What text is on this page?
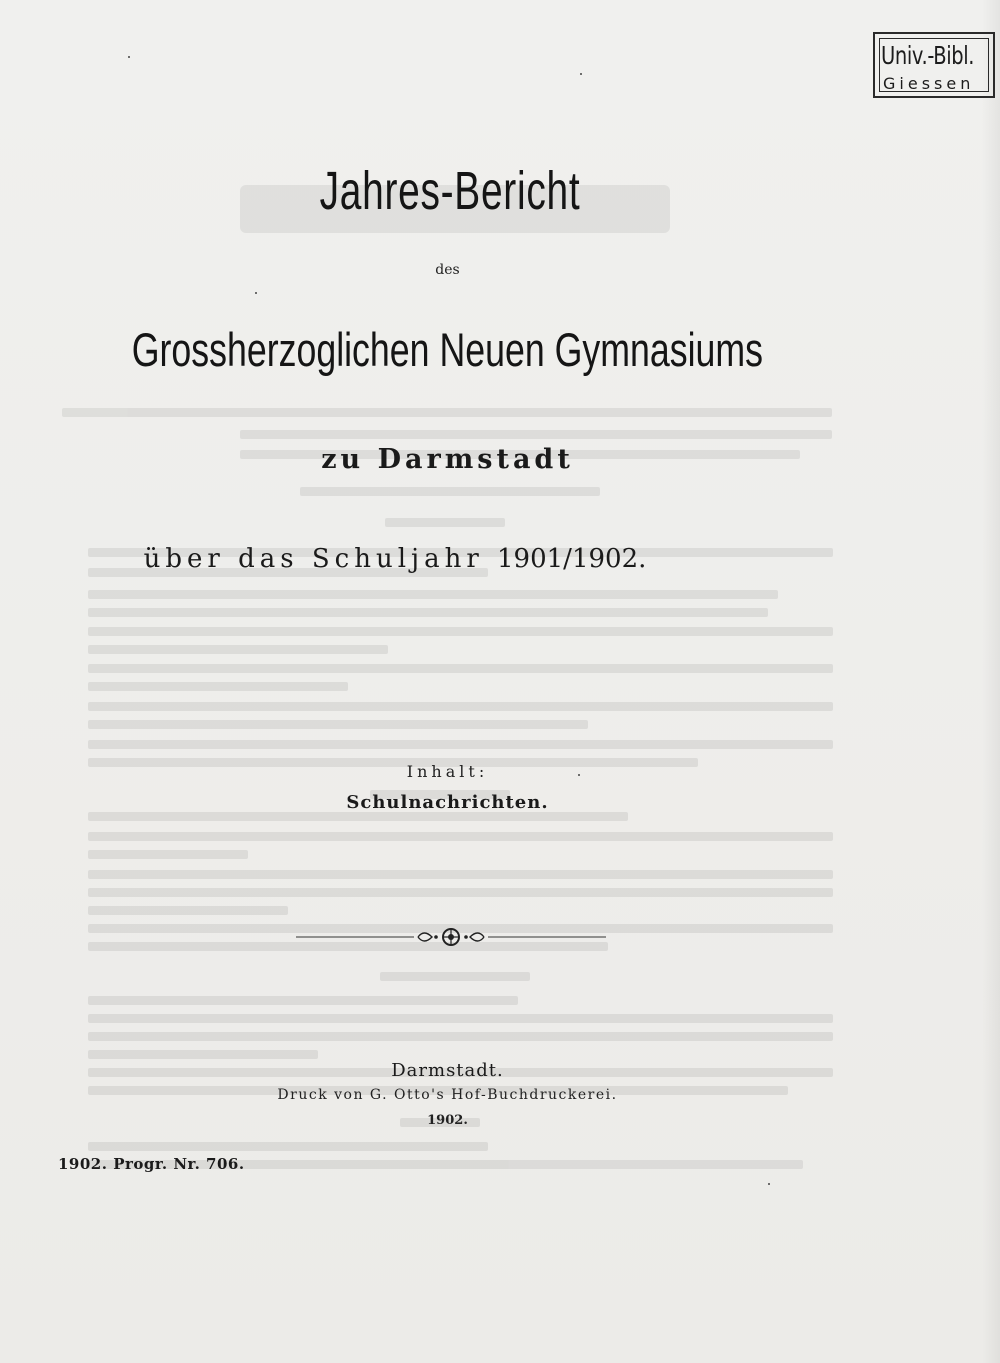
Univ.-Bibl.
Giessen
Jahres-Bericht
des
Grossherzoglichen Neuen Gymnasiums
zu Darmstadt
über das Schuljahr 1901/1902.
Inhalt:
Schulnachrichten.
Darmstadt.
Druck von G. Otto's Hof-Buchdruckerei.
1902.
1902. Progr. Nr. 706.
